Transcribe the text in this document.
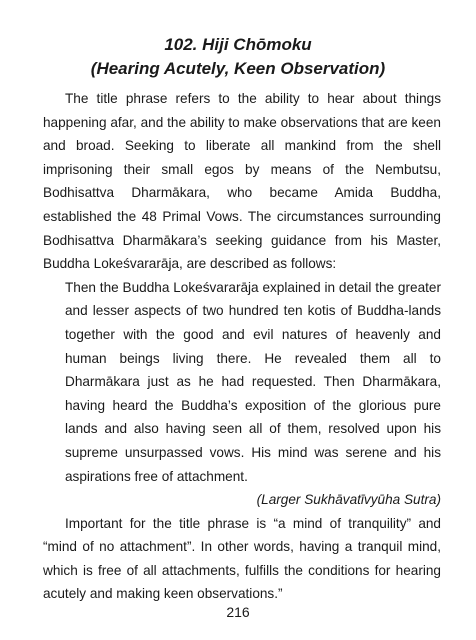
102. Hiji Chōmoku
(Hearing Acutely, Keen Observation)

The title phrase refers to the ability to hear about things happening afar, and the ability to make observations that are keen and broad. Seeking to liberate all mankind from the shell imprisoning their small egos by means of the Nembutsu, Bodhisattva Dharmākara, who became Amida Buddha, established the 48 Primal Vows. The circumstances surrounding Bodhisattva Dharmākara’s seeking guidance from his Master, Buddha Lokeśvararāja, are described as follows:

Then the Buddha Lokeśvararāja explained in detail the greater and lesser aspects of two hundred ten kotis of Buddha-lands together with the good and evil natures of heavenly and human beings living there. He revealed them all to Dharmākara just as he had requested. Then Dharmākara, having heard the Buddha’s exposition of the glorious pure lands and also having seen all of them, resolved upon his supreme unsurpassed vows. His mind was serene and his aspirations free of attachment.

(Larger Sukhāvatīvyūha Sutra)

Important for the title phrase is “a mind of tranquility” and “mind of no attachment”. In other words, having a tranquil mind, which is free of all attachments, fulfills the conditions for hearing acutely and making keen observations.”

216
